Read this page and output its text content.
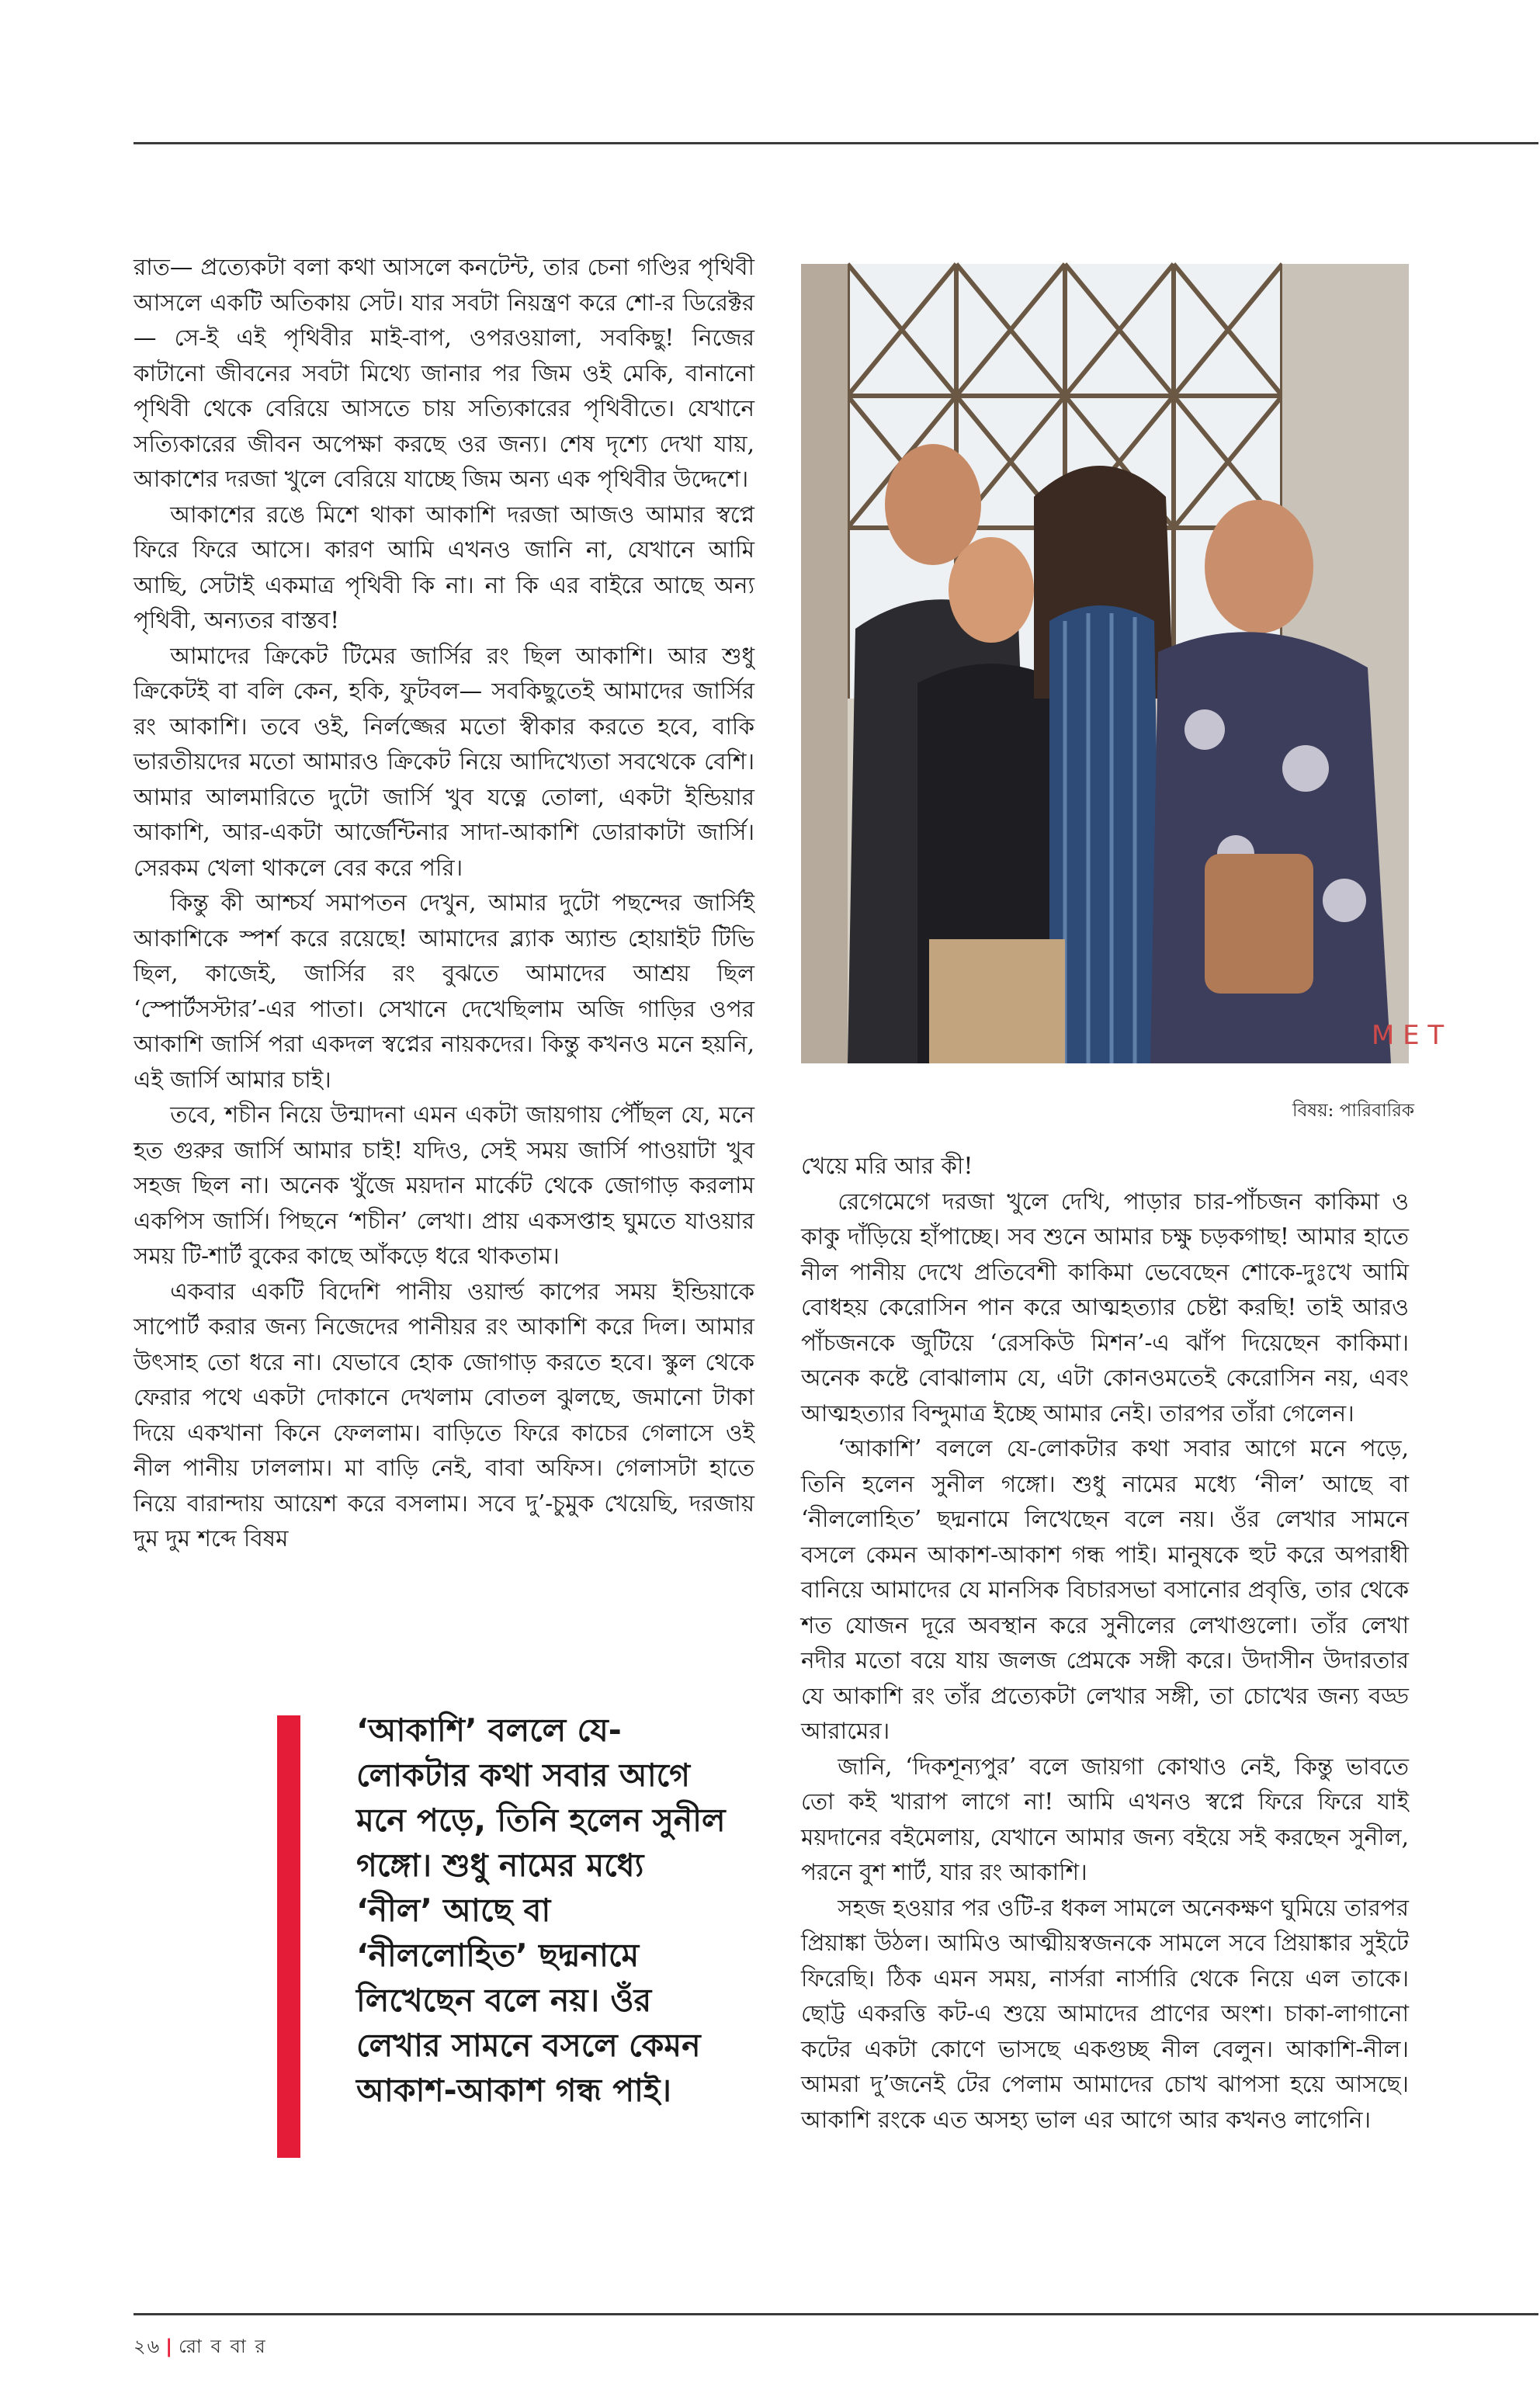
রাত— প্রত্যেকটা বলা কথা আসলে কনটেন্ট, তার চেনা গণ্ডির পৃথিবী আসলে একটি অতিকায় সেট। যার সবটা নিয়ন্ত্রণ করে শো-র ডিরেক্টর— সে-ই এই পৃথিবীর মাই-বাপ, ওপরওয়ালা, সবকিছু! নিজের কাটানো জীবনের সবটা মিথ্যে জানার পর জিম ওই মেকি, বানানো পৃথিবী থেকে বেরিয়ে আসতে চায় সত্যিকারের পৃথিবীতে। যেখানে সত্যিকারের জীবন অপেক্ষা করছে ওর জন্য। শেষ দৃশ্যে দেখা যায়, আকাশের দরজা খুলে বেরিয়ে যাচ্ছে জিম অন্য এক পৃথিবীর উদ্দেশে।

আকাশের রঙে মিশে থাকা আকাশি দরজা আজও আমার স্বপ্নে ফিরে ফিরে আসে। কারণ আমি এখনও জানি না, যেখানে আমি আছি, সেটাই একমাত্র পৃথিবী কি না। না কি এর বাইরে আছে অন্য পৃথিবী, অন্যতর বাস্তব!

আমাদের ক্রিকেট টিমের জার্সির রং ছিল আকাশি। আর শুধু ক্রিকেটই বা বলি কেন, হকি, ফুটবল— সবকিছুতেই আমাদের জার্সির রং আকাশি। তবে ওই, নির্লজ্জের মতো স্বীকার করতে হবে, বাকি ভারতীয়দের মতো আমারও ক্রিকেট নিয়ে আদিখ্যেতা সবথেকে বেশি। আমার আলমারিতে দুটো জার্সি খুব যত্নে তোলা, একটা ইন্ডিয়ার আকাশি, আর-একটা আর্জেন্টিনার সাদা-আকাশি ডোরাকাটা জার্সি। সেরকম খেলা থাকলে বের করে পরি।

কিন্তু কী আশ্চর্য সমাপতন দেখুন, আমার দুটো পছন্দের জার্সিই আকাশিকে স্পর্শ করে রয়েছে! আমাদের ব্ল্যাক অ্যান্ড হোয়াইট টিভি ছিল, কাজেই, জার্সির রং বুঝতে আমাদের আশ্রয় ছিল ‘স্পোর্টসস্টার’-এর পাতা। সেখানে দেখেছিলাম অজি গাড়ির ওপর আকাশি জার্সি পরা একদল স্বপ্নের নায়কদের। কিন্তু কখনও মনে হয়নি, এই জার্সি আমার চাই।

তবে, শচীন নিয়ে উন্মাদনা এমন একটা জায়গায় পৌঁছল যে, মনে হত গুরুর জার্সি আমার চাই! যদিও, সেই সময় জার্সি পাওয়াটা খুব সহজ ছিল না। অনেক খুঁজে ময়দান মার্কেট থেকে জোগাড় করলাম একপিস জার্সি। পিছনে ‘শচীন’ লেখা। প্রায় একসপ্তাহ ঘুমতে যাওয়ার সময় টি-শার্ট বুকের কাছে আঁকড়ে ধরে থাকতাম।

একবার একটি বিদেশি পানীয় ওয়ার্ল্ড কাপের সময় ইন্ডিয়াকে সাপোর্ট করার জন্য নিজেদের পানীয়র রং আকাশি করে দিল। আমার উৎসাহ তো ধরে না। যেভাবে হোক জোগাড় করতে হবে। স্কুল থেকে ফেরার পথে একটা দোকানে দেখলাম বোতল ঝুলছে, জমানো টাকা দিয়ে একখানা কিনে ফেললাম। বাড়িতে ফিরে কাচের গেলাসে ওই নীল পানীয় ঢাললাম। মা বাড়ি নেই, বাবা অফিস। গেলাসটা হাতে নিয়ে বারান্দায় আয়েশ করে বসলাম। সবে দু’-চুমুক খেয়েছি, দরজায় দুম দুম শব্দে বিষম

M E T
বিষয়: পারিবারিক

খেয়ে মরি আর কী!

রেগেমেগে দরজা খুলে দেখি, পাড়ার চার-পাঁচজন কাকিমা ও কাকু দাঁড়িয়ে হাঁপাচ্ছে। সব শুনে আমার চক্ষু চড়কগাছ! আমার হাতে নীল পানীয় দেখে প্রতিবেশী কাকিমা ভেবেছেন শোকে-দুঃখে আমি বোধহয় কেরোসিন পান করে আত্মহত্যার চেষ্টা করছি! তাই আরও পাঁচজনকে জুটিয়ে ‘রেসকিউ মিশন’-এ ঝাঁপ দিয়েছেন কাকিমা। অনেক কষ্টে বোঝালাম যে, এটা কোনওমতেই কেরোসিন নয়, এবং আত্মহত্যার বিন্দুমাত্র ইচ্ছে আমার নেই। তারপর তাঁরা গেলেন।

‘আকাশি’ বললে যে-লোকটার কথা সবার আগে মনে পড়ে, তিনি হলেন সুনীল গঙ্গো। শুধু নামের মধ্যে ‘নীল’ আছে বা ‘নীললোহিত’ ছদ্মনামে লিখেছেন বলে নয়। ওঁর লেখার সামনে বসলে কেমন আকাশ-আকাশ গন্ধ পাই। মানুষকে হুট করে অপরাধী বানিয়ে আমাদের যে মানসিক বিচারসভা বসানোর প্রবৃত্তি, তার থেকে শত যোজন দূরে অবস্থান করে সুনীলের লেখাগুলো। তাঁর লেখা নদীর মতো বয়ে যায় জলজ প্রেমকে সঙ্গী করে। উদাসীন উদারতার যে আকাশি রং তাঁর প্রত্যেকটা লেখার সঙ্গী, তা চোখের জন্য বড্ড আরামের।

জানি, ‘দিকশূন্যপুর’ বলে জায়গা কোথাও নেই, কিন্তু ভাবতে তো কই খারাপ লাগে না! আমি এখনও স্বপ্নে ফিরে ফিরে যাই ময়দানের বইমেলায়, যেখানে আমার জন্য বইয়ে সই করছেন সুনীল, পরনে বুশ শার্ট, যার রং আকাশি।

সহজ হওয়ার পর ওটি-র ধকল সামলে অনেকক্ষণ ঘুমিয়ে তারপর প্রিয়াঙ্কা উঠল। আমিও আত্মীয়স্বজনকে সামলে সবে প্রিয়াঙ্কার সুইটে ফিরেছি। ঠিক এমন সময়, নার্সরা নার্সারি থেকে নিয়ে এল তাকে। ছোট্ট একরত্তি কট-এ শুয়ে আমাদের প্রাণের অংশ। চাকা-লাগানো কটের একটা কোণে ভাসছে একগুচ্ছ নীল বেলুন। আকাশি-নীল। আমরা দু’জনেই টের পেলাম আমাদের চোখ ঝাপসা হয়ে আসছে। আকাশি রংকে এত অসহ্য ভাল এর আগে আর কখনও লাগেনি।

‘আকাশি’ বললে যে-লোকটার কথা সবার আগে মনে পড়ে, তিনি হলেন সুনীল গঙ্গো। শুধু নামের মধ্যে ‘নীল’ আছে বা ‘নীললোহিত’ ছদ্মনামে লিখেছেন বলে নয়। ওঁর লেখার সামনে বসলে কেমন আকাশ-আকাশ গন্ধ পাই।
২৬ | রো ব বা র
